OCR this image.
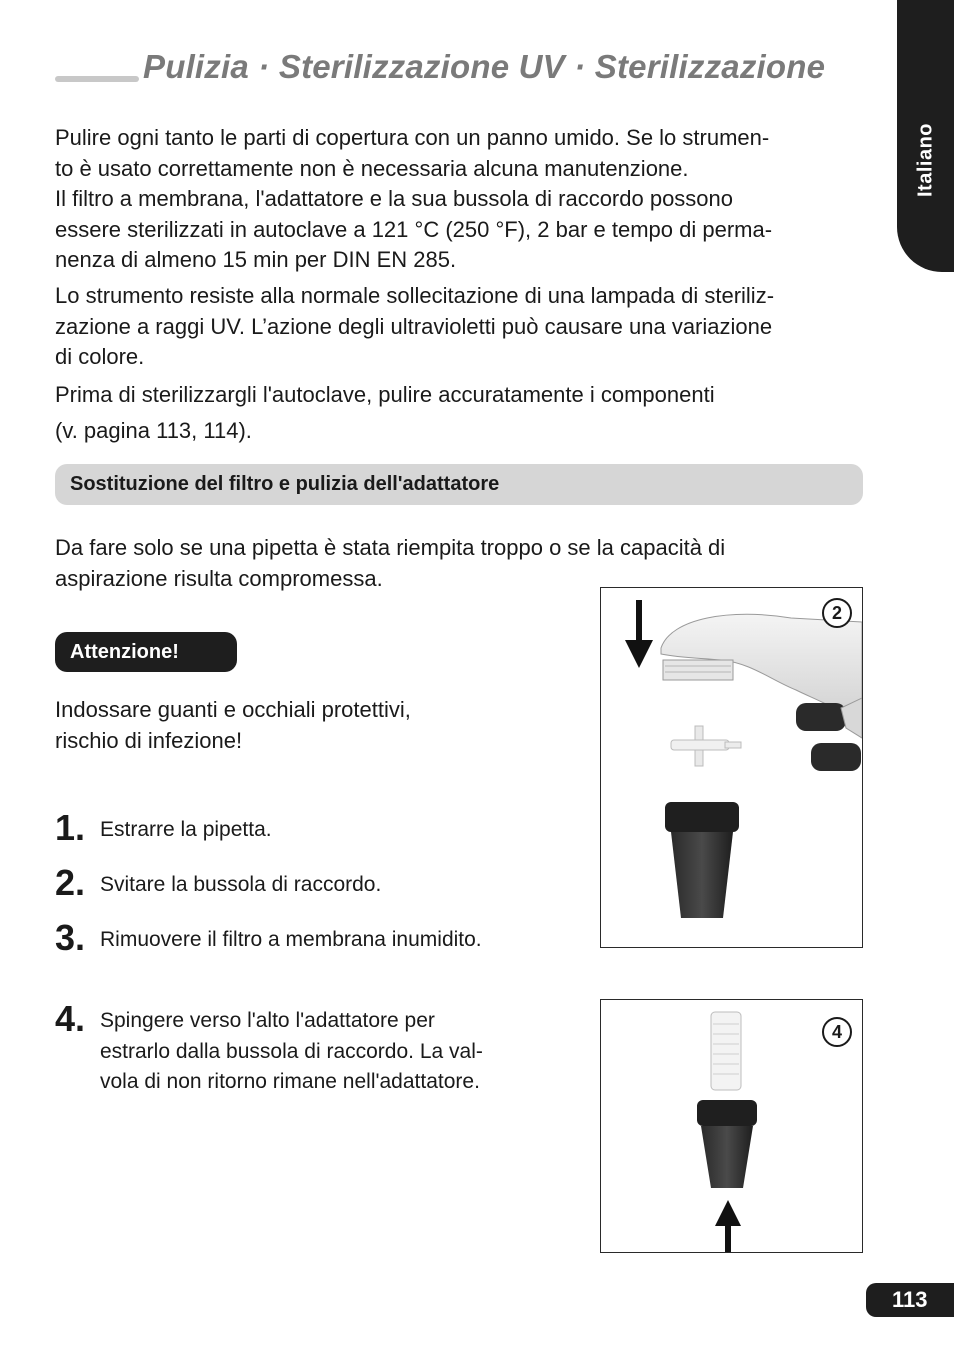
Pulizia · Sterilizzazione UV · Sterilizzazione
Italiano
Pulire ogni tanto le parti di copertura con un panno umido. Se lo strumen-
to è usato correttamente non è necessaria alcuna manutenzione.
Il filtro a membrana, l'adattatore e la sua bussola di raccordo possono
essere sterilizzati in autoclave a 121 °C (250 °F), 2 bar e tempo di perma-
nenza di almeno 15 min per DIN EN 285.
Lo strumento resiste alla normale sollecitazione di una lampada di steriliz-
zazione a raggi UV. L’azione degli ultravioletti può causare una variazione
di colore.
Prima di sterilizzargli l'autoclave, pulire accuratamente i componenti
(v. pagina 113, 114).
Sostituzione del filtro e pulizia dell'adattatore
Da fare solo se una pipetta è stata riempita troppo o se la capacità di
aspirazione risulta compromessa.
Attenzione!
Indossare guanti e occhiali protettivi,
rischio di infezione!
1. Estrarre la pipetta.
2. Svitare la bussola di raccordo.
3. Rimuovere il filtro a membrana inumidito.
4. Spingere verso l'alto l'adattatore per
estrarlo dalla bussola di raccordo. La val-
vola di non ritorno rimane nell'adattatore.
2
4
113
